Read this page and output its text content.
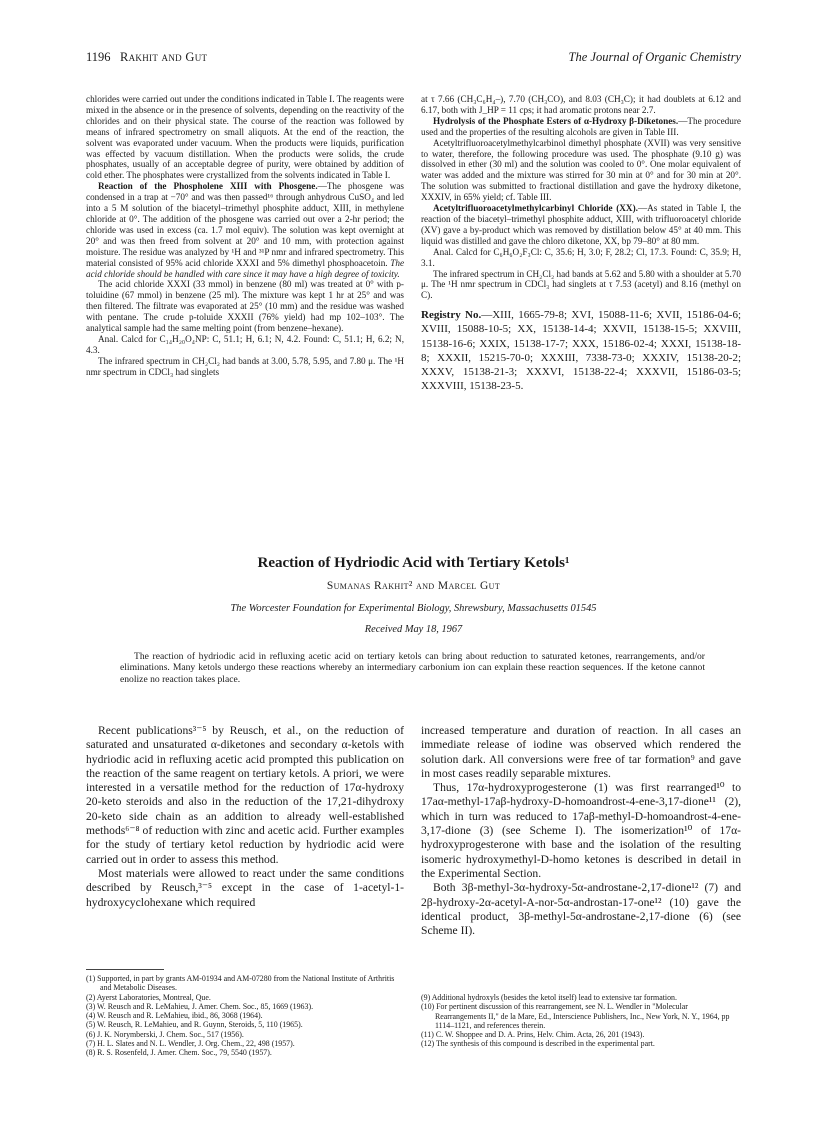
1196 Rakhit and Gut	The Journal of Organic Chemistry

chlorides were carried out under the conditions indicated in Table I. The reagents were mixed in the absence or in the presence of solvents, depending on the reactivity of the chlorides and on their physical state. The course of the reaction was followed by means of infrared spectrometry on small aliquots. At the end of the reaction, the solvent was evaporated under vacuum. When the products were liquids, purification was effected by vacuum distillation. When the products were solids, the crude phosphates, usually of an acceptable degree of purity, were obtained by addition of cold ether. The phosphates were crystallized from the solvents indicated in Table I.

Reaction of the Phospholene XIII with Phosgene.—The phosgene was condensed in a trap at −70° and was then passed¹⁶ through anhydrous CuSO₄ and led into a 5 M solution of the biacetyl–trimethyl phosphite adduct, XIII, in methylene chloride at 0°. The addition of the phosgene was carried out over a 2-hr period; the chloride was used in excess (ca. 1.7 mol equiv). The solution was kept overnight at 20° and was then freed from solvent at 20° and 10 mm, with protection against moisture. The residue was analyzed by ¹H and ³¹P nmr and infrared spectrometry. This material consisted of 95% acid chloride XXXI and 5% dimethyl phosphoacetoin. The acid chloride should be handled with care since it may have a high degree of toxicity.

The acid chloride XXXI (33 mmol) in benzene (80 ml) was treated at 0° with p-toluidine (67 mmol) in benzene (25 ml). The mixture was kept 1 hr at 25° and was then filtered. The filtrate was evaporated at 25° (10 mm) and the residue was washed with pentane. The crude p-toluide XXXII (76% yield) had mp 102–103°. The analytical sample had the same melting point (from benzene–hexane).

Anal. Calcd for C₁₄H₂₀O₄NP: C, 51.1; H, 6.1; N, 4.2. Found: C, 51.1; H, 6.2; N, 4.3.

The infrared spectrum in CH₂Cl₂ had bands at 3.00, 5.78, 5.95, and 7.80 μ. The ¹H nmr spectrum in CDCl₃ had singlets

at τ 7.66 (CH₃C₆H₄–), 7.70 (CH₃CO), and 8.03 (CH₃C); it had doublets at 6.12 and 6.17, both with J_HP = 11 cps; it had aromatic protons near 2.7.

Hydrolysis of the Phosphate Esters of α-Hydroxy β-Diketones.—The procedure used and the properties of the resulting alcohols are given in Table III.

Acetyltrifluoroacetylmethylcarbinol dimethyl phosphate (XVII) was very sensitive to water, therefore, the following procedure was used. The phosphate (9.10 g) was dissolved in ether (30 ml) and the solution was cooled to 0°. One molar equivalent of water was added and the mixture was stirred for 30 min at 0° and for 30 min at 20°. The solution was submitted to fractional distillation and gave the hydroxy diketone, XXXIV, in 65% yield; cf. Table III.

Acetyltrifluoroacetylmethylcarbinyl Chloride (XX).—As stated in Table I, the reaction of the biacetyl–trimethyl phosphite adduct, XIII, with trifluoroacetyl chloride (XV) gave a by-product which was removed by distillation below 45° at 40 mm. This liquid was distilled and gave the chloro diketone, XX, bp 79–80° at 80 mm.

Anal. Calcd for C₆H₆O₂F₃Cl: C, 35.6; H, 3.0; F, 28.2; Cl, 17.3. Found: C, 35.9; H, 3.1.

The infrared spectrum in CH₂Cl₂ had bands at 5.62 and 5.80 with a shoulder at 5.70 μ. The ¹H nmr spectrum in CDCl₃ had singlets at τ 7.53 (acetyl) and 8.16 (methyl on C).

Registry No.—XIII, 1665-79-8; XVI, 15088-11-6; XVII, 15186-04-6; XVIII, 15088-10-5; XX, 15138-14-4; XXVII, 15138-15-5; XXVIII, 15138-16-6; XXIX, 15138-17-7; XXX, 15186-02-4; XXXI, 15138-18-8; XXXII, 15215-70-0; XXXIII, 7338-73-0; XXXIV, 15138-20-2; XXXV, 15138-21-3; XXXVI, 15138-22-4; XXXVII, 15186-03-5; XXXVIII, 15138-23-5.

Reaction of Hydriodic Acid with Tertiary Ketols¹
Sumanas Rakhit² and Marcel Gut
The Worcester Foundation for Experimental Biology, Shrewsbury, Massachusetts 01545
Received May 18, 1967

The reaction of hydriodic acid in refluxing acetic acid on tertiary ketols can bring about reduction to saturated ketones, rearrangements, and/or eliminations. Many ketols undergo these reactions whereby an intermediary carbonium ion can explain these reaction sequences. If the ketone cannot enolize no reaction takes place.

Recent publications³⁻⁵ by Reusch, et al., on the reduction of saturated and unsaturated α-diketones and secondary α-ketols with hydriodic acid in refluxing acetic acid prompted this publication on the reaction of the same reagent on tertiary ketols. A priori, we were interested in a versatile method for the reduction of 17α-hydroxy 20-keto steroids and also in the reduction of the 17,21-dihydroxy 20-keto side chain as an addition to already well-established methods⁶⁻⁸ of reduction with zinc and acetic acid. Further examples for the study of tertiary ketol reduction by hydriodic acid were carried out in order to assess this method.

Most materials were allowed to react under the same conditions described by Reusch,³⁻⁵ except in the case of 1-acetyl-1-hydroxycyclohexane which required

increased temperature and duration of reaction. In all cases an immediate release of iodine was observed which rendered the solution dark. All conversions were free of tar formation⁹ and gave in most cases readily separable mixtures.

Thus, 17α-hydroxyprogesterone (1) was first rearranged¹⁰ to 17aα-methyl-17aβ-hydroxy-D-homoandrost-4-ene-3,17-dione¹¹ (2), which in turn was reduced to 17aβ-methyl-D-homoandrost-4-ene-3,17-dione (3) (see Scheme I). The isomerization¹⁰ of 17α-hydroxyprogesterone with base and the isolation of the resulting isomeric hydroxymethyl-D-homo ketones is described in detail in the Experimental Section.

Both 3β-methyl-3α-hydroxy-5α-androstane-2,17-dione¹² (7) and 2β-hydroxy-2α-acetyl-A-nor-5α-androstan-17-one¹² (10) gave the identical product, 3β-methyl-5α-androstane-2,17-dione (6) (see Scheme II).

(1) Supported, in part by grants AM-01934 and AM-07280 from the National Institute of Arthritis and Metabolic Diseases.
(2) Ayerst Laboratories, Montreal, Que.
(3) W. Reusch and R. LeMahieu, J. Amer. Chem. Soc., 85, 1669 (1963).
(4) W. Reusch and R. LeMahieu, ibid., 86, 3068 (1964).
(5) W. Reusch, R. LeMahieu, and R. Guynn, Steroids, 5, 110 (1965).
(6) J. K. Norymberski, J. Chem. Soc., 517 (1956).
(7) H. L. Slates and N. L. Wendler, J. Org. Chem., 22, 498 (1957).
(8) R. S. Rosenfeld, J. Amer. Chem. Soc., 79, 5540 (1957).
(9) Additional hydroxyls (besides the ketol itself) lead to extensive tar formation.
(10) For pertinent discussion of this rearrangement, see N. L. Wendler in "Molecular Rearrangements II," de la Mare, Ed., Interscience Publishers, Inc., New York, N. Y., 1964, pp 1114–1121, and references therein.
(11) C. W. Shoppee and D. A. Prins, Helv. Chim. Acta, 26, 201 (1943).
(12) The synthesis of this compound is described in the experimental part.
